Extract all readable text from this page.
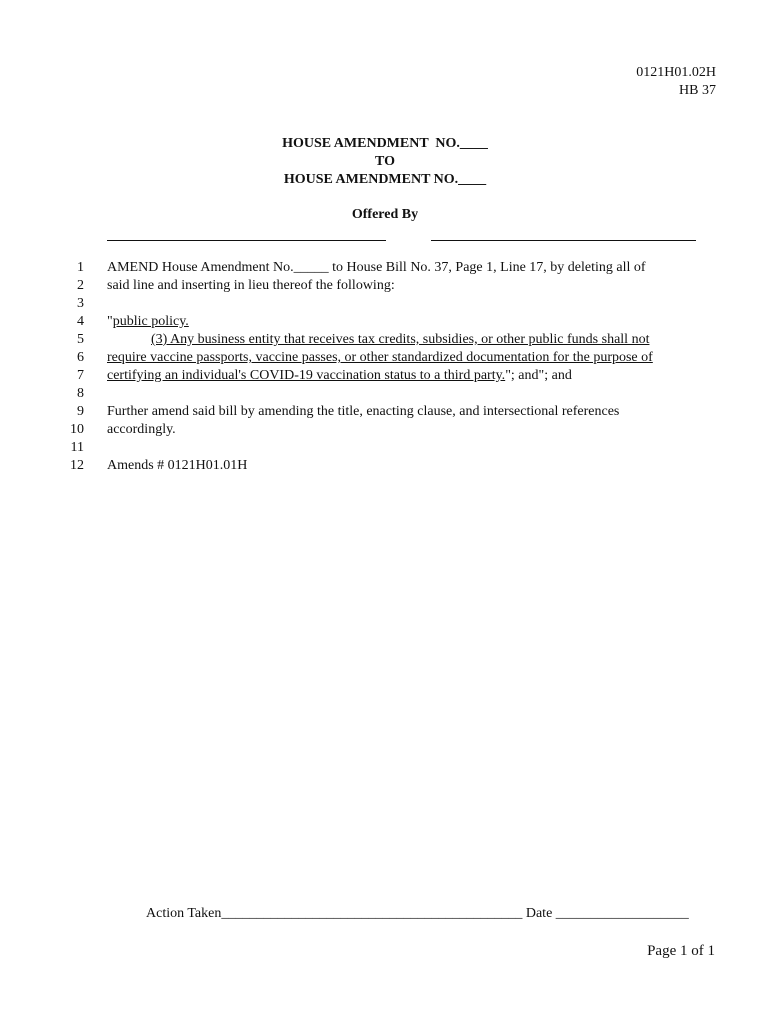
0121H01.02H
HB 37
HOUSE AMENDMENT  NO.____
TO
HOUSE AMENDMENT NO.____
Offered By
1 AMEND House Amendment No._____ to House Bill No. 37, Page 1, Line 17, by deleting all of
2 said line and inserting in lieu thereof the following:
3
4 "public policy.
5	(3) Any business entity that receives tax credits, subsidies, or other public funds shall not
6 require vaccine passports, vaccine passes, or other standardized documentation for the purpose of
7 certifying an individual's COVID-19 vaccination status to a third party."; and"; and
8
9 Further amend said bill by amending the title, enacting clause, and intersectional references
10 accordingly.
11
12 Amends # 0121H01.01H
Action Taken___________________________________________ Date ___________________
Page 1 of 1
